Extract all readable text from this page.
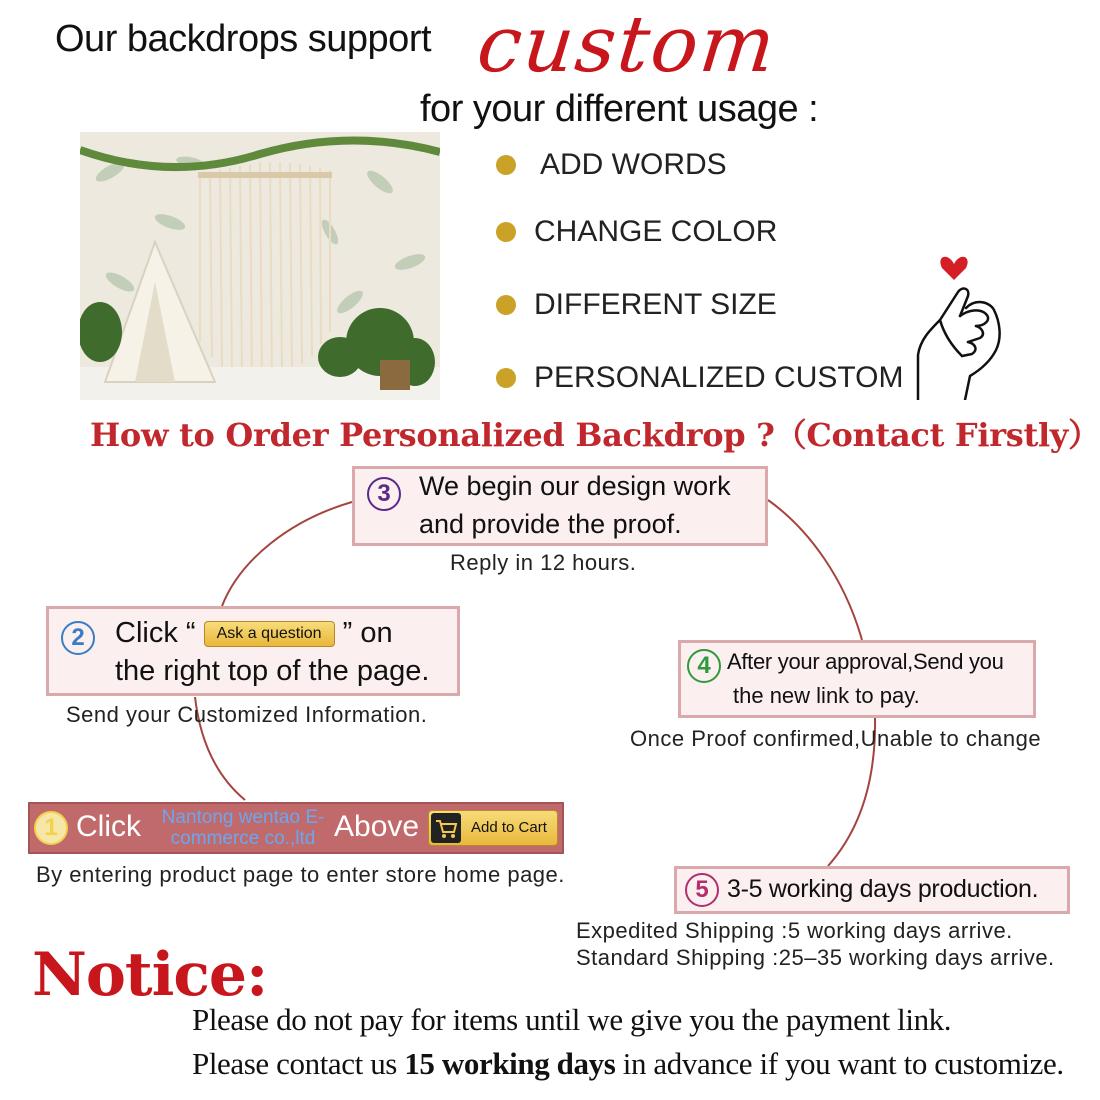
Our backdrops support custom
for your different usage :
ADD WORDS
CHANGE COLOR
DIFFERENT SIZE
PERSONALIZED CUSTOM
How to Order Personalized Backdrop ?（Contact Firstly）
3	We begin our design work
and provide the proof.
Reply in 12 hours.
2	Click “ Ask a question ” on
the right top of the page.
Send your Customized Information.
4 After your approval,Send you
the new link to pay.
Once Proof confirmed,Unable to change
1 Click	Nantong wentao E-commerce co.,ltd Above	Add to Cart
By entering product page to enter store home page.
5 3-5 working days production.
Expedited Shipping :5 working days arrive.
Standard Shipping :25–35 working days arrive.
Notice:
Please do not pay for items until we give you the payment link.
Please contact us 15 working days in advance if you want to customize.
